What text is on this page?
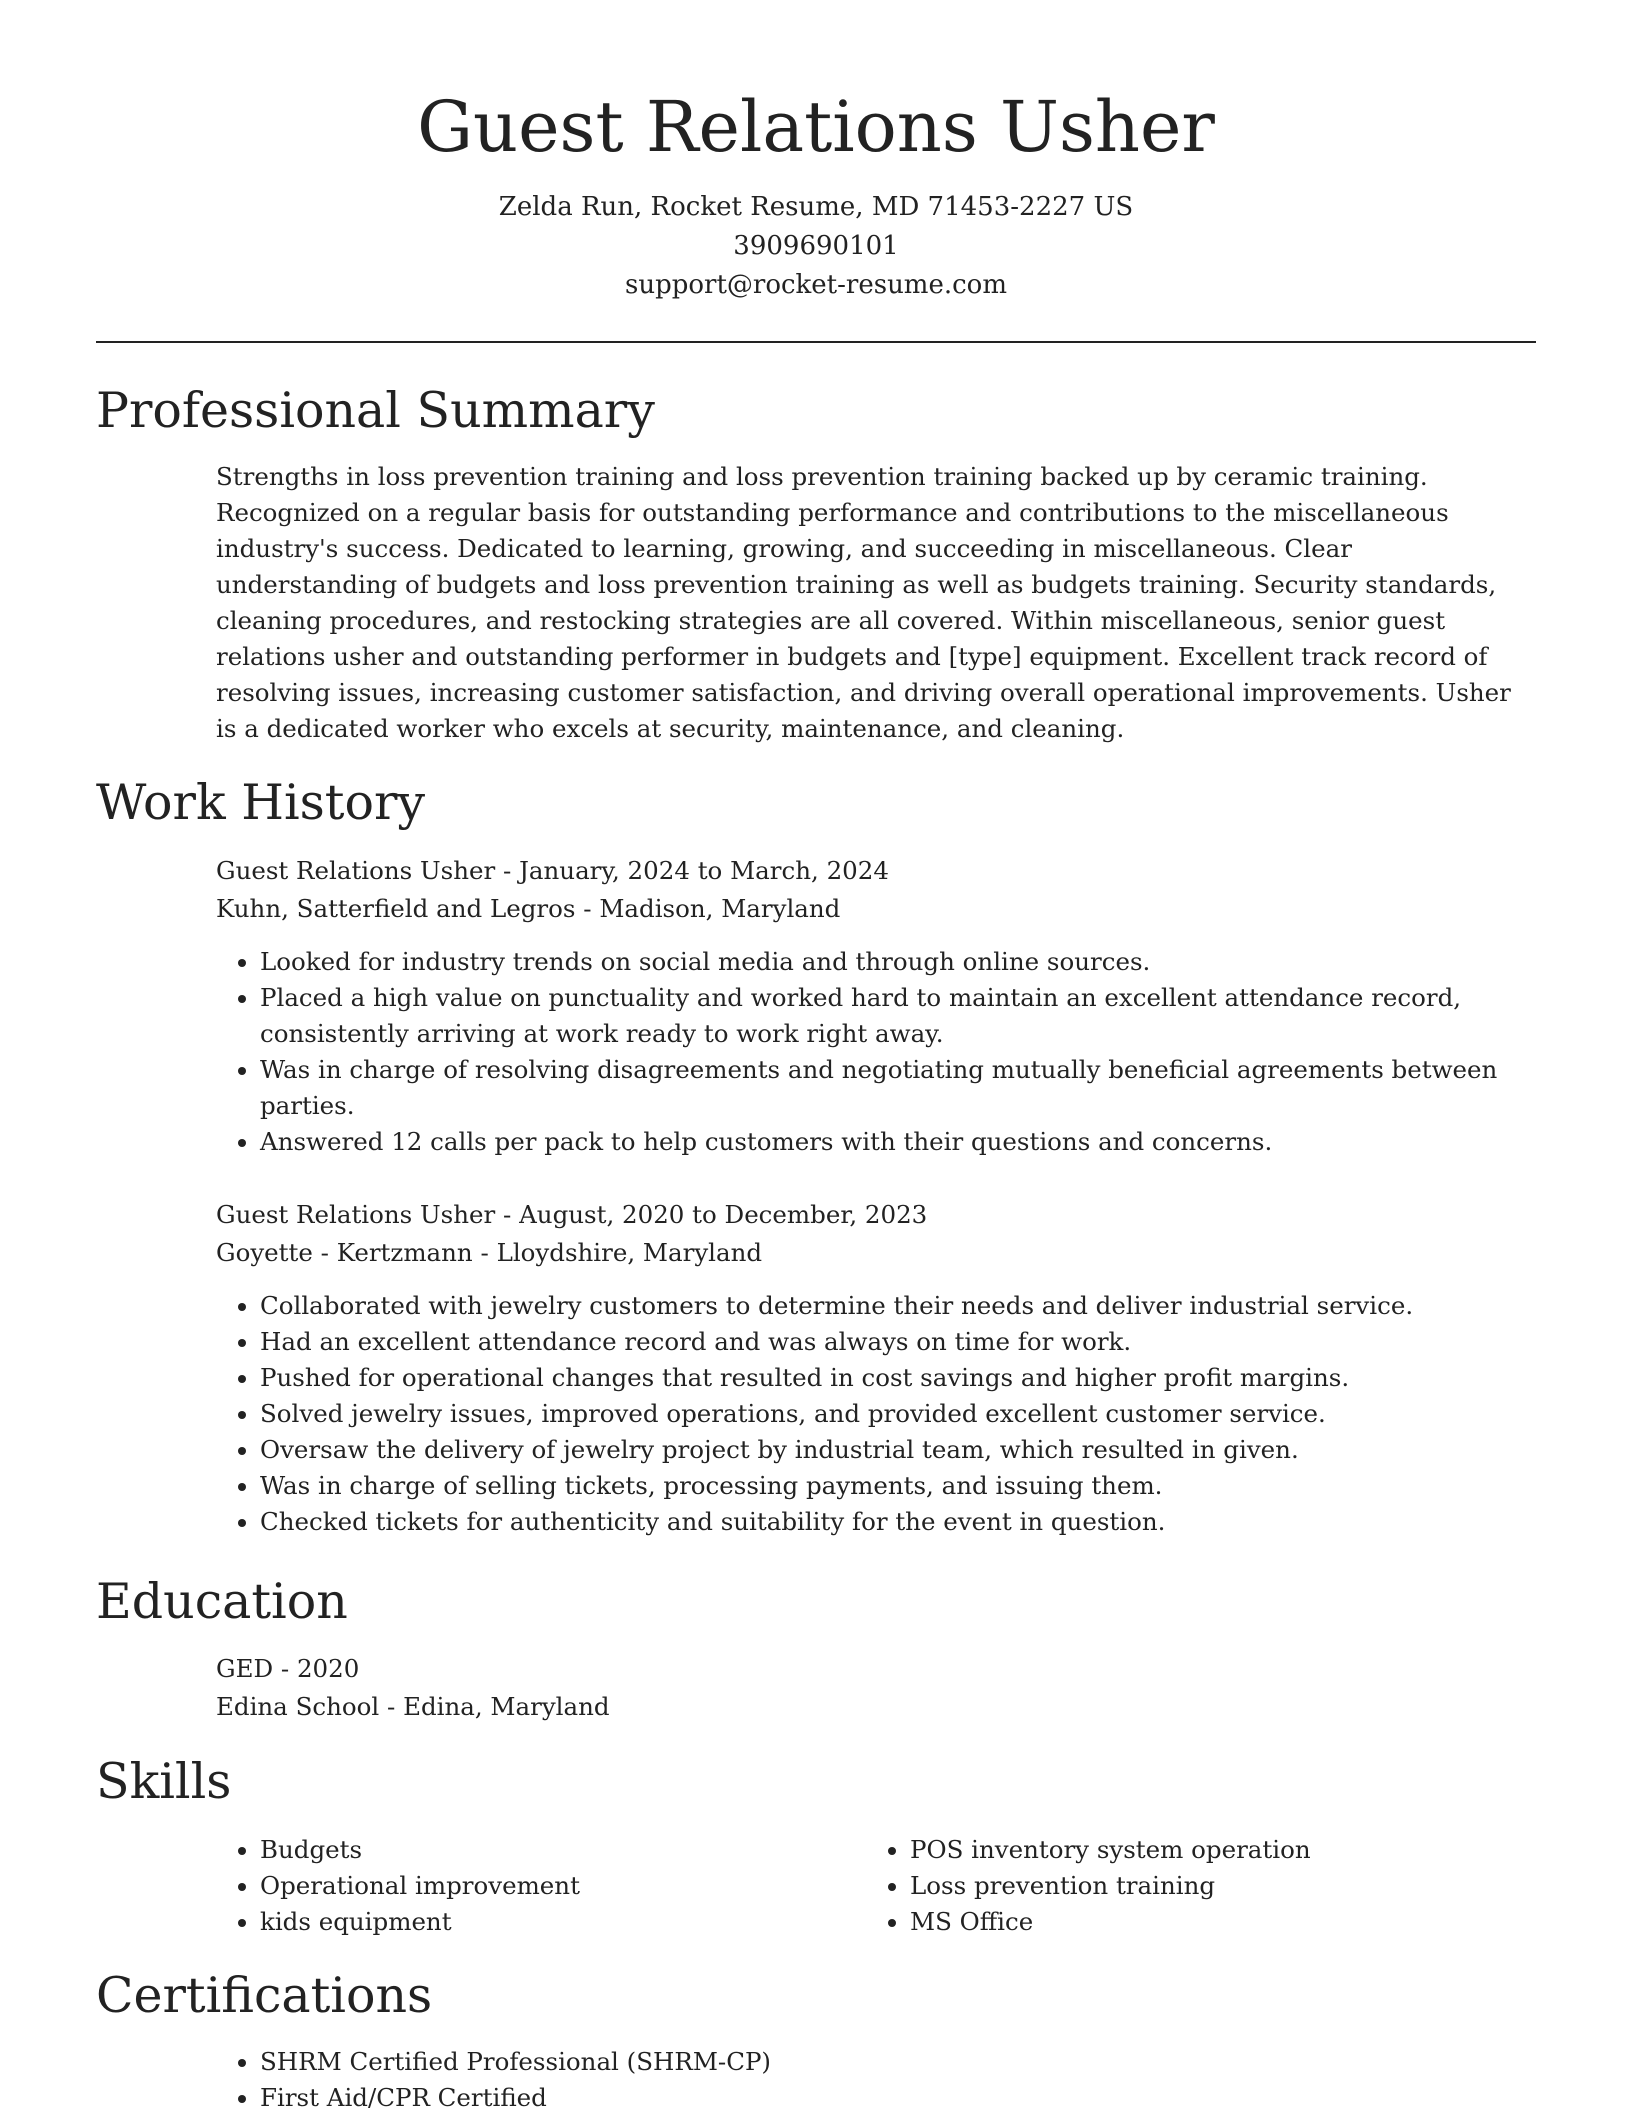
Guest Relations Usher
Zelda Run, Rocket Resume, MD 71453-2227 US
3909690101
support@rocket-resume.com
Professional Summary
Strengths in loss prevention training and loss prevention training backed up by ceramic training. Recognized on a regular basis for outstanding performance and contributions to the miscellaneous industry's success. Dedicated to learning, growing, and succeeding in miscellaneous. Clear understanding of budgets and loss prevention training as well as budgets training. Security standards, cleaning procedures, and restocking strategies are all covered. Within miscellaneous, senior guest relations usher and outstanding performer in budgets and [type] equipment. Excellent track record of resolving issues, increasing customer satisfaction, and driving overall operational improvements. Usher is a dedicated worker who excels at security, maintenance, and cleaning.
Work History

Guest Relations Usher - January, 2024 to March, 2024

Kuhn, Satterfield and Legros - Madison, Maryland

• Looked for industry trends on social media and through online sources.
• Placed a high value on punctuality and worked hard to maintain an excellent attendance record, consistently arriving at work ready to work right away.
• Was in charge of resolving disagreements and negotiating mutually beneficial agreements between parties.
• Answered 12 calls per pack to help customers with their questions and concerns.

Guest Relations Usher - August, 2020 to December, 2023

Goyette - Kertzmann - Lloydshire, Maryland

• Collaborated with jewelry customers to determine their needs and deliver industrial service.
• Had an excellent attendance record and was always on time for work.
• Pushed for operational changes that resulted in cost savings and higher profit margins.
• Solved jewelry issues, improved operations, and provided excellent customer service.
• Oversaw the delivery of jewelry project by industrial team, which resulted in given.
• Was in charge of selling tickets, processing payments, and issuing them.
• Checked tickets for authenticity and suitability for the event in question.
Education

GED - 2020

Edina School - Edina, Maryland

Skills
• Budgets
• Operational improvement
• kids equipment
• POS inventory system operation
• Loss prevention training
• MS Office
Certifications
• SHRM Certified Professional (SHRM-CP)
• First Aid/CPR Certified
